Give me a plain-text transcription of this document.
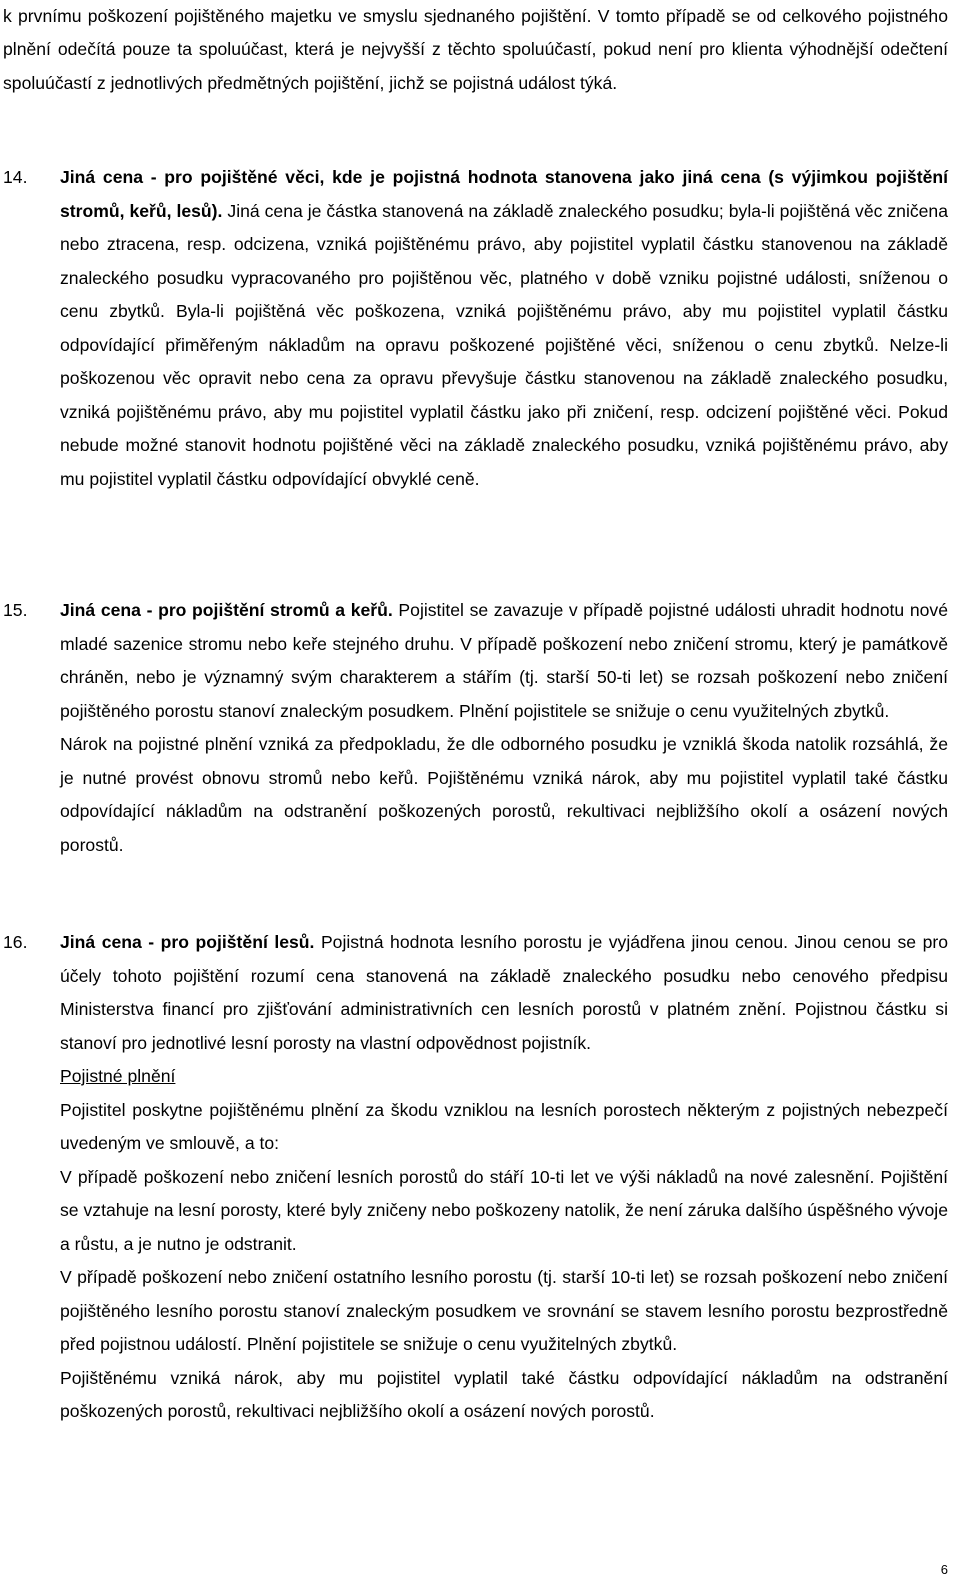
k prvnímu poškození pojištěného majetku ve smyslu sjednaného pojištění. V tomto případě se od celkového pojistného plnění odečítá pouze ta spoluúčast, která je nejvyšší z těchto spoluúčastí, pokud není pro klienta výhodnější odečtení spoluúčastí z jednotlivých předmětných pojištění, jichž se pojistná událost týká.

14. Jiná cena - pro pojištěné věci, kde je pojistná hodnota stanovena jako jiná cena (s výjimkou pojištění stromů, keřů, lesů). Jiná cena je částka stanovená na základě znaleckého posudku; byla-li pojištěná věc zničena nebo ztracena, resp. odcizena, vzniká pojištěnému právo, aby pojistitel vyplatil částku stanovenou na základě znaleckého posudku vypracovaného pro pojištěnou věc, platného v době vzniku pojistné události, sníženou o cenu zbytků. Byla-li pojištěná věc poškozena, vzniká pojištěnému právo, aby mu pojistitel vyplatil částku odpovídající přiměřeným nákladům na opravu poškozené pojištěné věci, sníženou o cenu zbytků. Nelze-li poškozenou věc opravit nebo cena za opravu převyšuje částku stanovenou na základě znaleckého posudku, vzniká pojištěnému právo, aby mu pojistitel vyplatil částku jako při zničení, resp. odcizení pojištěné věci. Pokud nebude možné stanovit hodnotu pojištěné věci na základě znaleckého posudku, vzniká pojištěnému právo, aby mu pojistitel vyplatil částku odpovídající obvyklé ceně.

15. Jiná cena - pro pojištění stromů a keřů. Pojistitel se zavazuje v případě pojistné události uhradit hodnotu nové mladé sazenice stromu nebo keře stejného druhu. V případě poškození nebo zničení stromu, který je památkově chráněn, nebo je významný svým charakterem a stářím (tj. starší 50-ti let) se rozsah poškození nebo zničení pojištěného porostu stanoví znaleckým posudkem. Plnění pojistitele se snižuje o cenu využitelných zbytků.

Nárok na pojistné plnění vzniká za předpokladu, že dle odborného posudku je vzniklá škoda natolik rozsáhlá, že je nutné provést obnovu stromů nebo keřů. Pojištěnému vzniká nárok, aby mu pojistitel vyplatil také částku odpovídající nákladům na odstranění poškozených porostů, rekultivaci nejbližšího okolí a osázení nových porostů.

16. Jiná cena - pro pojištění lesů. Pojistná hodnota lesního porostu je vyjádřena jinou cenou. Jinou cenou se pro účely tohoto pojištění rozumí cena stanovená na základě znaleckého posudku nebo cenového předpisu Ministerstva financí pro zjišťování administrativních cen lesních porostů v platném znění. Pojistnou částku si stanoví pro jednotlivé lesní porosty na vlastní odpovědnost pojistník.

Pojistné plnění

Pojistitel poskytne pojištěnému plnění za škodu vzniklou na lesních porostech některým z pojistných nebezpečí uvedeným ve smlouvě, a to:

V případě poškození nebo zničení lesních porostů do stáří 10-ti let ve výši nákladů na nové zalesnění. Pojištění se vztahuje na lesní porosty, které byly zničeny nebo poškozeny natolik, že není záruka dalšího úspěšného vývoje a růstu, a je nutno je odstranit.

V případě poškození nebo zničení ostatního lesního porostu (tj. starší 10-ti let) se rozsah poškození nebo zničení pojištěného lesního porostu stanoví znaleckým posudkem ve srovnání se stavem lesního porostu bezprostředně před pojistnou událostí. Plnění pojistitele se snižuje o cenu využitelných zbytků.

Pojištěnému vzniká nárok, aby mu pojistitel vyplatil také částku odpovídající nákladům na odstranění poškozených porostů, rekultivaci nejbližšího okolí a osázení nových porostů.

6
